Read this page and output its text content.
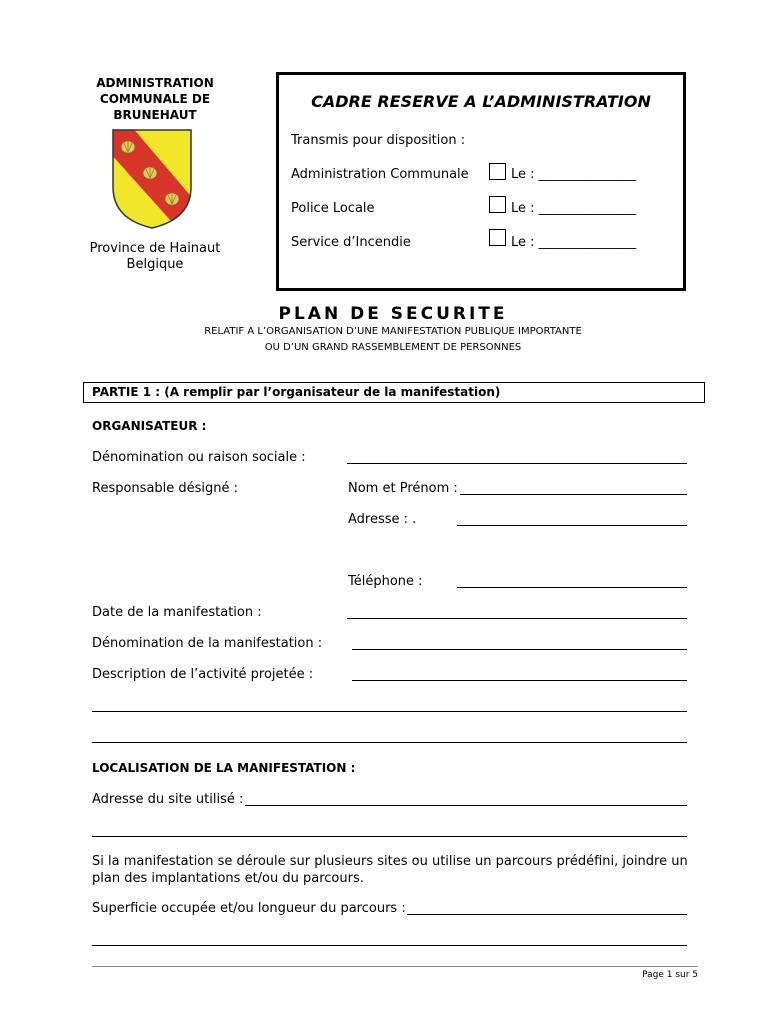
ADMINISTRATION
COMMUNALE DE
BRUNEHAUT
Province de Hainaut
Belgique
CADRE RESERVE A L’ADMINISTRATION
Transmis pour disposition :
Administration Communale	Le : _______________
Police Locale	Le : _______________
Service d’Incendie	Le : _______________
PLAN DE SECURITE
RELATIF A L’ORGANISATION D’UNE MANIFESTATION PUBLIQUE IMPORTANTE
OU D’UN GRAND RASSEMBLEMENT DE PERSONNES
PARTIE 1 : (A remplir par l’organisateur de la manifestation)
ORGANISATEUR :
Dénomination ou raison sociale :
Responsable désigné :	Nom et Prénom :
Adresse : .
Téléphone :
Date de la manifestation :
Dénomination de la manifestation :
Description de l’activité projetée :
LOCALISATION DE LA MANIFESTATION :
Adresse du site utilisé :
Si la manifestation se déroule sur plusieurs sites ou utilise un parcours prédéfini, joindre un plan des implantations et/ou du parcours.
Superficie occupée et/ou longueur du parcours :
Page 1 sur 5
